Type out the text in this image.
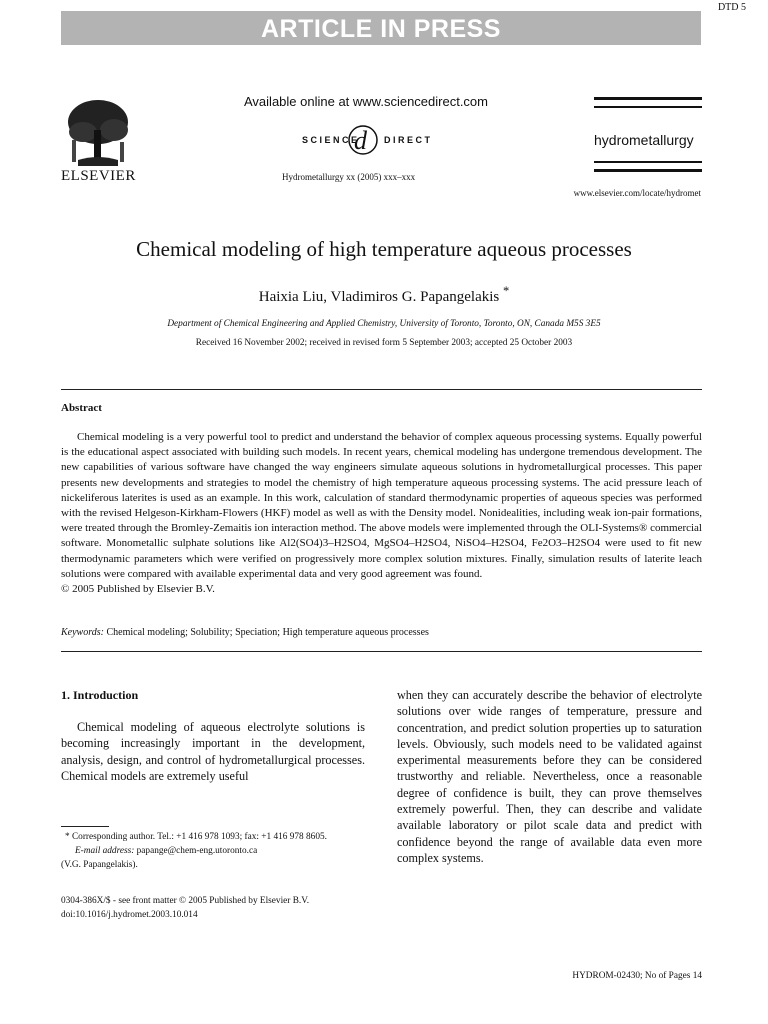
DTD 5
ARTICLE IN PRESS
ELSEVIER
Available online at www.sciencedirect.com
d
SCIENCE	DIRECT
Hydrometallurgy xx (2005) xxx–xxx
hydrometallurgy
www.elsevier.com/locate/hydromet
Chemical modeling of high temperature aqueous processes
Haixia Liu, Vladimiros G. Papangelakis *
Department of Chemical Engineering and Applied Chemistry, University of Toronto, Toronto, ON, Canada M5S 3E5
Received 16 November 2002; received in revised form 5 September 2003; accepted 25 October 2003
Abstract

Chemical modeling is a very powerful tool to predict and understand the behavior of complex aqueous processing systems. Equally powerful is the educational aspect associated with building such models. In recent years, chemical modeling has undergone tremendous development. The new capabilities of various software have changed the way engineers simulate aqueous solutions in hydrometallurgical processes. This paper presents new developments and strategies to model the chemistry of high temperature aqueous processing systems. The acid pressure leach of nickeliferous laterites is used as an example. In this work, calculation of standard thermodynamic properties of aqueous species was performed with the revised Helgeson-Kirkham-Flowers (HKF) model as well as with the Density model. Nonidealities, including weak ion-pair formations, were treated through the Bromley-Zemaitis ion interaction method. The above models were implemented through the OLI-Systems® commercial software. Monometallic sulphate solutions like Al2(SO4)3–H2SO4, MgSO4–H2SO4, NiSO4–H2SO4, Fe2O3–H2SO4 were used to fit new thermodynamic parameters which were verified on progressively more complex solution mixtures. Finally, simulation results of laterite leach solutions were compared with available experimental data and very good agreement was found.

© 2005 Published by Elsevier B.V.
Keywords: Chemical modeling; Solubility; Speciation; High temperature aqueous processes
1. Introduction
Chemical modeling of aqueous electrolyte solutions is becoming increasingly important in the development, analysis, design, and control of hydrometallurgical processes. Chemical models are extremely useful
when they can accurately describe the behavior of electrolyte solutions over wide ranges of temperature, pressure and concentration, and predict solution properties up to saturation levels. Obviously, such models need to be validated against experimental measurements before they can be considered trustworthy and reliable. Nevertheless, once a reasonable degree of confidence is built, they can prove themselves extremely powerful. Then, they can describe and validate available laboratory or pilot scale data and predict with confidence beyond the range of available data even more complex systems.
* Corresponding author. Tel.: +1 416 978 1093; fax: +1 416 978 8605.
E-mail address: papange@chem-eng.utoronto.ca
(V.G. Papangelakis).
0304-386X/$ - see front matter © 2005 Published by Elsevier B.V.
doi:10.1016/j.hydromet.2003.10.014
HYDROM-02430; No of Pages 14
